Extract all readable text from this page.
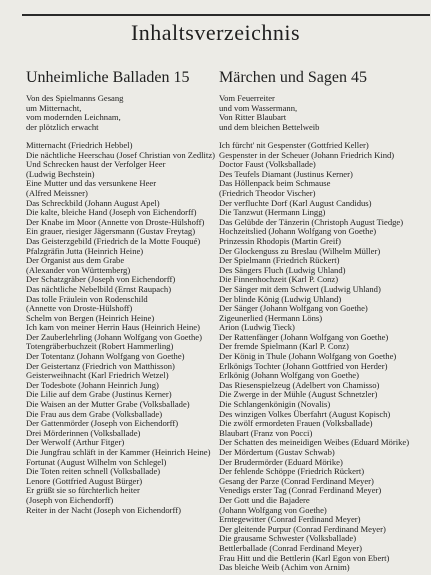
Inhaltsverzeichnis
Unheimliche Balladen 15
Von des Spielmanns Gesang
um Mitternacht,
vom modernden Leichnam,
der plötzlich erwacht
Mitternacht (Friedrich Hebbel)
Die nächtliche Heerschau (Josef Christian von Zedlitz)
Und Schrecken haust der Verfolger Heer
(Ludwig Bechstein)
Eine Mutter und das versunkene Heer
(Alfred Meissner)
Das Schreckbild (Johann August Apel)
Die kalte, bleiche Hand (Joseph von Eichendorff)
Der Knabe im Moor (Annette von Droste-Hülshoff)
Ein grauer, riesiger Jägersmann (Gustav Freytag)
Das Geisterzgebild (Friedrich de la Motte Fouqué)
Pfalzgräfin Jutta (Heinrich Heine)
Der Organist aus dem Grabe
(Alexander von Württemberg)
Der Schatzgräber (Joseph von Eichendorff)
Das nächtliche Nebelbild (Ernst Raupach)
Das tolle Fräulein von Rodenschild
(Annette von Droste-Hülshoff)
Schelm von Bergen (Heinrich Heine)
Ich kam von meiner Herrin Haus (Heinrich Heine)
Der Zauberlehrling (Johann Wolfgang von Goethe)
Totengräberbuchzeit (Robert Hammerling)
Der Totentanz (Johann Wolfgang von Goethe)
Der Geistertanz (Friedrich von Matthisson)
Geisterweihnacht (Karl Friedrich Wetzel)
Der Todesbote (Johann Heinrich Jung)
Die Lilie auf dem Grabe (Justinus Kerner)
Die Waisen an der Mutter Grabe (Volksballade)
Die Frau aus dem Grabe (Volksballade)
Der Gattenmörder (Joseph von Eichendorff)
Drei Mörderinnen (Volksballade)
Der Werwolf (Arthur Fitger)
Die Jungfrau schläft in der Kammer (Heinrich Heine)
Fortunat (August Wilhelm von Schlegel)
Die Toten reiten schnell (Volksballade)
Lenore (Gottfried August Bürger)
Er grüßt sie so fürchterlich heiter
(Joseph von Eichendorff)
Reiter in der Nacht (Joseph von Eichendorff)
Märchen und Sagen 45
Vom Feuerreiter
und vom Wassermann,
Von Ritter Blaubart
und dem bleichen Bettelweib
Ich fürcht' nit Gespenster (Gottfried Keller)
Gespenster in der Scheuer (Johann Friedrich Kind)
Doctor Faust (Volksballade)
Des Teufels Diamant (Justinus Kerner)
Das Höllenpack beim Schmause
(Friedrich Theodor Vischer)
Der verfluchte Dorf (Karl August Candidus)
Die Tanzwut (Hermann Lingg)
Das Gelübde der Tänzerin (Christoph August Tiedge)
Hochzeitslied (Johann Wolfgang von Goethe)
Prinzessin Rhodopis (Martin Greif)
Der Glockenguss zu Breslau (Wilhelm Müller)
Der Spielmann (Friedrich Rückert)
Des Sängers Fluch (Ludwig Uhland)
Die Finnenhochzeit (Karl P. Conz)
Der Sänger mit dem Schwert (Ludwig Uhland)
Der blinde König (Ludwig Uhland)
Der Sänger (Johann Wolfgang von Goethe)
Zigeunerlied (Hermann Löns)
Arion (Ludwig Tieck)
Der Rattenfänger (Johann Wolfgang von Goethe)
Der fremde Spielmann (Karl P. Conz)
Der König in Thule (Johann Wolfgang von Goethe)
Erlkönigs Tochter (Johann Gottfried von Herder)
Erlkönig (Johann Wolfgang von Goethe)
Das Riesenspielzeug (Adelbert von Chamisso)
Die Zwerge in der Mühle (August Schnetzler)
Die Schlangenkönigin (Novalis)
Des winzigen Volkes Überfahrt (August Kopisch)
Die zwölf ermordeten Frauen (Volksballade)
Blaubart (Franz von Pocci)
Der Schatten des meineidigen Weibes (Eduard Mörike)
Der Mördertum (Gustav Schwab)
Der Brudermörder (Eduard Mörike)
Der fehlende Schöppe (Friedrich Rückert)
Gesang der Parze (Conrad Ferdinand Meyer)
Venedigs erster Tag (Conrad Ferdinand Meyer)
Der Gott und die Bajadere
(Johann Wolfgang von Goethe)
Erntegewitter (Conrad Ferdinand Meyer)
Der gleitende Purpur (Conrad Ferdinand Meyer)
Die grausame Schwester (Volksballade)
Bettlerballade (Conrad Ferdinand Meyer)
Frau Hitt und die Bettlerin (Karl Egon von Ebert)
Das bleiche Weib (Achim von Arnim)
